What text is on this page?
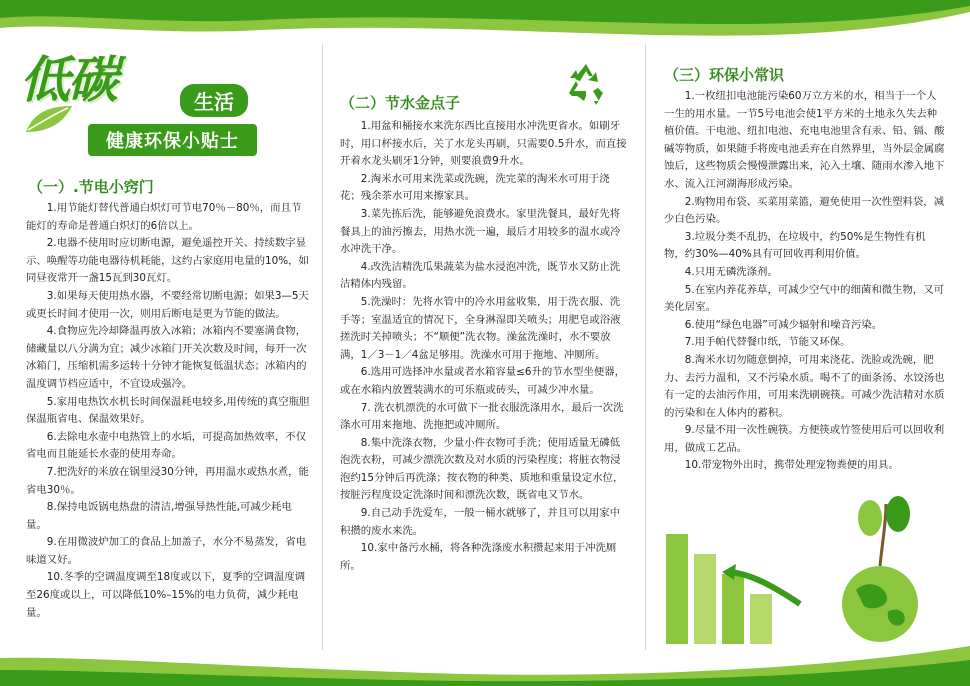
低碳	生活
健康环保小贴士
（一）.节电小窍门

1.用节能灯替代普通白炽灯可节电70％－80％，而且节能灯的寿命是普通白炽灯的6倍以上。

2.电器不使用时应切断电源，避免遥控开关、持续数字显示、唤醒等功能电器待机耗能，这约占家庭用电量的10%，如同昼夜常开一盏15瓦到30瓦灯。

3.如果每天使用热水器，不要经常切断电源；如果3—5天或更长时间才使用一次，则用后断电是更为节能的做法。

4.食物应先冷却降温再放入冰箱；冰箱内不要塞满食物，储藏量以八分满为宜；减少冰箱门开关次数及时间，每开一次冰箱门，压缩机需多运转十分钟才能恢复低温状态；冰箱内的温度调节档应适中，不宜设成强冷。

5.家用电热饮水机长时间保温耗电较多,用传统的真空瓶胆保温瓶省电、保温效果好。

6.去除电水壶中电热管上的水垢，可提高加热效率，不仅省电而且能延长水壶的使用寿命。

7.把洗好的米放在锅里浸30分钟，再用温水或热水煮，能省电30％。

8.保持电饭锅电热盘的清洁,增强导热性能,可减少耗电量。

9.在用微波炉加工的食品上加盖子，水分不易蒸发，省电味道又好。

10.冬季的空调温度调至18度或以下，夏季的空调温度调至26度或以上，可以降低10%–15%的电力负荷，减少耗电量。

（二）节水金点子

1.用盆和桶接水来洗东西比直接用水冲洗更省水。如刷牙时，用口杯接水后，关了水龙头再刷，只需要0.5升水，而直接开着水龙头刷牙1分钟，则要浪费9升水。

2.淘米水可用来洗菜或洗碗，洗完菜的淘米水可用于浇花；残余茶水可用来擦家具。

3.菜先拣后洗，能够避免浪费水。家里洗餐具，最好先将餐具上的油污擦去，用热水洗一遍，最后才用较多的温水或冷水冲洗干净。

4.改洗洁精洗瓜果蔬菜为盐水浸泡冲洗，既节水又防止洗洁精体内残留。

5.洗澡时：先将水管中的冷水用盆收集，用于洗衣服、洗手等；室温适宜的情况下，全身淋湿即关喷头；用肥皂或浴液搓洗时关掉喷头；不“顺便”洗衣物。澡盆洗澡时，水不要放满，1／3－1／4盆足够用。洗澡水可用于拖地、冲厕所。

6.选用可选择冲水量或者水箱容量≤6升的节水型坐便器，或在水箱内放置装满水的可乐瓶或砖头，可减少冲水量。

7. 洗衣机漂洗的水可做下一批衣服洗涤用水，最后一次洗涤水可用来拖地、洗拖把或冲厕所。

8.集中洗涤衣物，少量小件衣物可手洗；使用适量无磷低泡洗衣粉，可减少漂洗次数及对水质的污染程度；将脏衣物浸泡约15分钟后再洗涤；按衣物的种类、质地和重量设定水位，按脏污程度设定洗涤时间和漂洗次数，既省电又节水。

9.自己动手洗爱车，一般一桶水就够了，并且可以用家中积攒的废水来洗。

10.家中备污水桶，将各种洗涤废水积攒起来用于冲洗厕所。

（三）环保小常识

1.一枚纽扣电池能污染60万立方米的水，相当于一个人一生的用水量。一节5号电池会使1平方米的土地永久失去种植价值。干电池、纽扣电池、充电电池里含有汞、铅、镉、酸碱等物质，如果随手将废电池丢弃在自然界里，当外层金属腐蚀后，这些物质会慢慢泄露出来，沁入土壤、随雨水渗入地下水、流入江河湖海形成污染。

2.购物用布袋、买菜用菜篮，避免使用一次性塑料袋，减少白色污染。

3.垃圾分类不乱扔，在垃圾中，约50%是生物性有机物，约30%—40%具有可回收再利用价值。

4.只用无磷洗涤剂。

5.在室内养花养草，可减少空气中的细菌和微生物，又可美化居室。

6.使用“绿色电器”可减少辐射和噪音污染。

7.用手帕代替餐巾纸，节能又环保。

8.淘米水切勿随意倒掉，可用来浇花、洗脸或洗碗，肥力、去污力温和，又不污染水质。喝不了的面条汤、水饺汤也有一定的去油污作用，可用来洗刷碗筷。可减少洗洁精对水质的污染和在人体内的蓄积。

9.尽量不用一次性碗筷。方便筷或竹签使用后可以回收利用，做成工艺品。

10.带宠物外出时，携带处理宠物粪便的用具。
